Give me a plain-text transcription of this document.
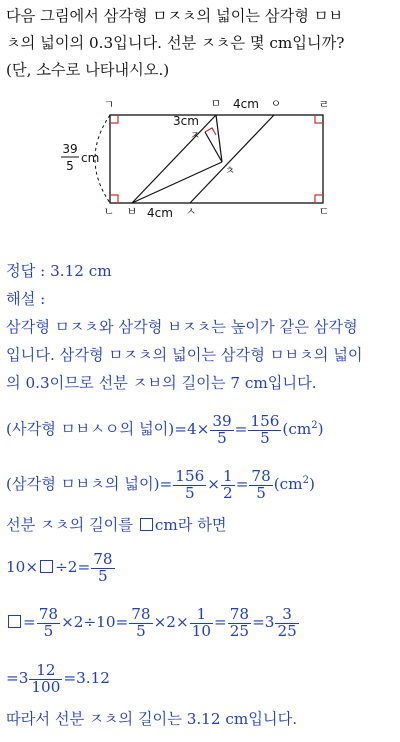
다음 그림에서 삼각형 ㅁㅈㅊ의 넓이는 삼각형 ㅁㅂ
ㅊ의 넓이의 0.3입니다. 선분 ㅈㅊ은 몇 cm입니까?
(단, 소수로 나타내시오.)
ㄱ	ㅁ	ㅇ	ㄹ
ㄴ ㅂ	ㅅ	ㄷ
ㅈ
ㅊ
4cm
4cm
3cm
39
5
cm
정답 : 3.12 cm
해설 :
삼각형 ㅁㅈㅊ와 삼각형 ㅂㅈㅊ는 높이가 같은 삼각형
입니다. 삼각형 ㅁㅈㅊ의 넓이는 삼각형 ㅁㅂㅊ의 넓이
의 0.3이므로 선분 ㅈㅂ의 길이는 7 cm입니다.
(사각형 ㅁㅂㅅㅇ의 넓이)$=4\times \frac{39}{5} = \frac{156}{5} (cm^2)$
(삼각형 ㅁㅂㅊ의 넓이)= $\frac{156}{5} \times \frac{1}{2} = \frac{78}{5} (cm^2)$
선분 ㅈㅊ의 길이를 cm라 하면
$10\times \div 2= \frac{78}{5}$
= $\frac{78}{5} \times 2\div 10= \frac{78}{5} \times 2\times \frac{1}{10} = \frac{78}{25} =3 \frac{3}{25}$
$=3 \frac{12}{100} =3.12$
따라서 선분 ㅈㅊ의 길이는 3.12 cm입니다.
